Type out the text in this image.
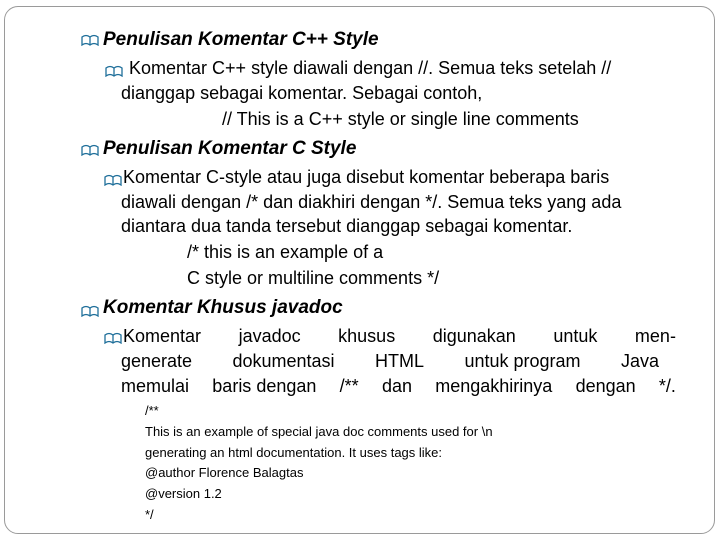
Penulisan Komentar C++ Style
Komentar C++ style diawali dengan //. Semua teks setelah //
dianggap sebagai komentar. Sebagai contoh,
// This is a C++ style or single line comments
Penulisan Komentar C Style
Komentar C-style atau juga disebut komentar beberapa baris
diawali dengan /* dan diakhiri dengan */. Semua teks yang ada
diantara dua tanda tersebut dianggap sebagai komentar.
/* this is an example of a
C style or multiline comments */
Komentar Khusus javadoc
Komentar javadoc khusus digunakan untuk men-
generate dokumentasi HTML untuk program Java
memulai baris dengan /** dan mengakhirinya dengan */.
/**
This is an example of special java doc comments used for \n
generating an html documentation. It uses tags like:
@author Florence Balagtas
@version 1.2
*/
